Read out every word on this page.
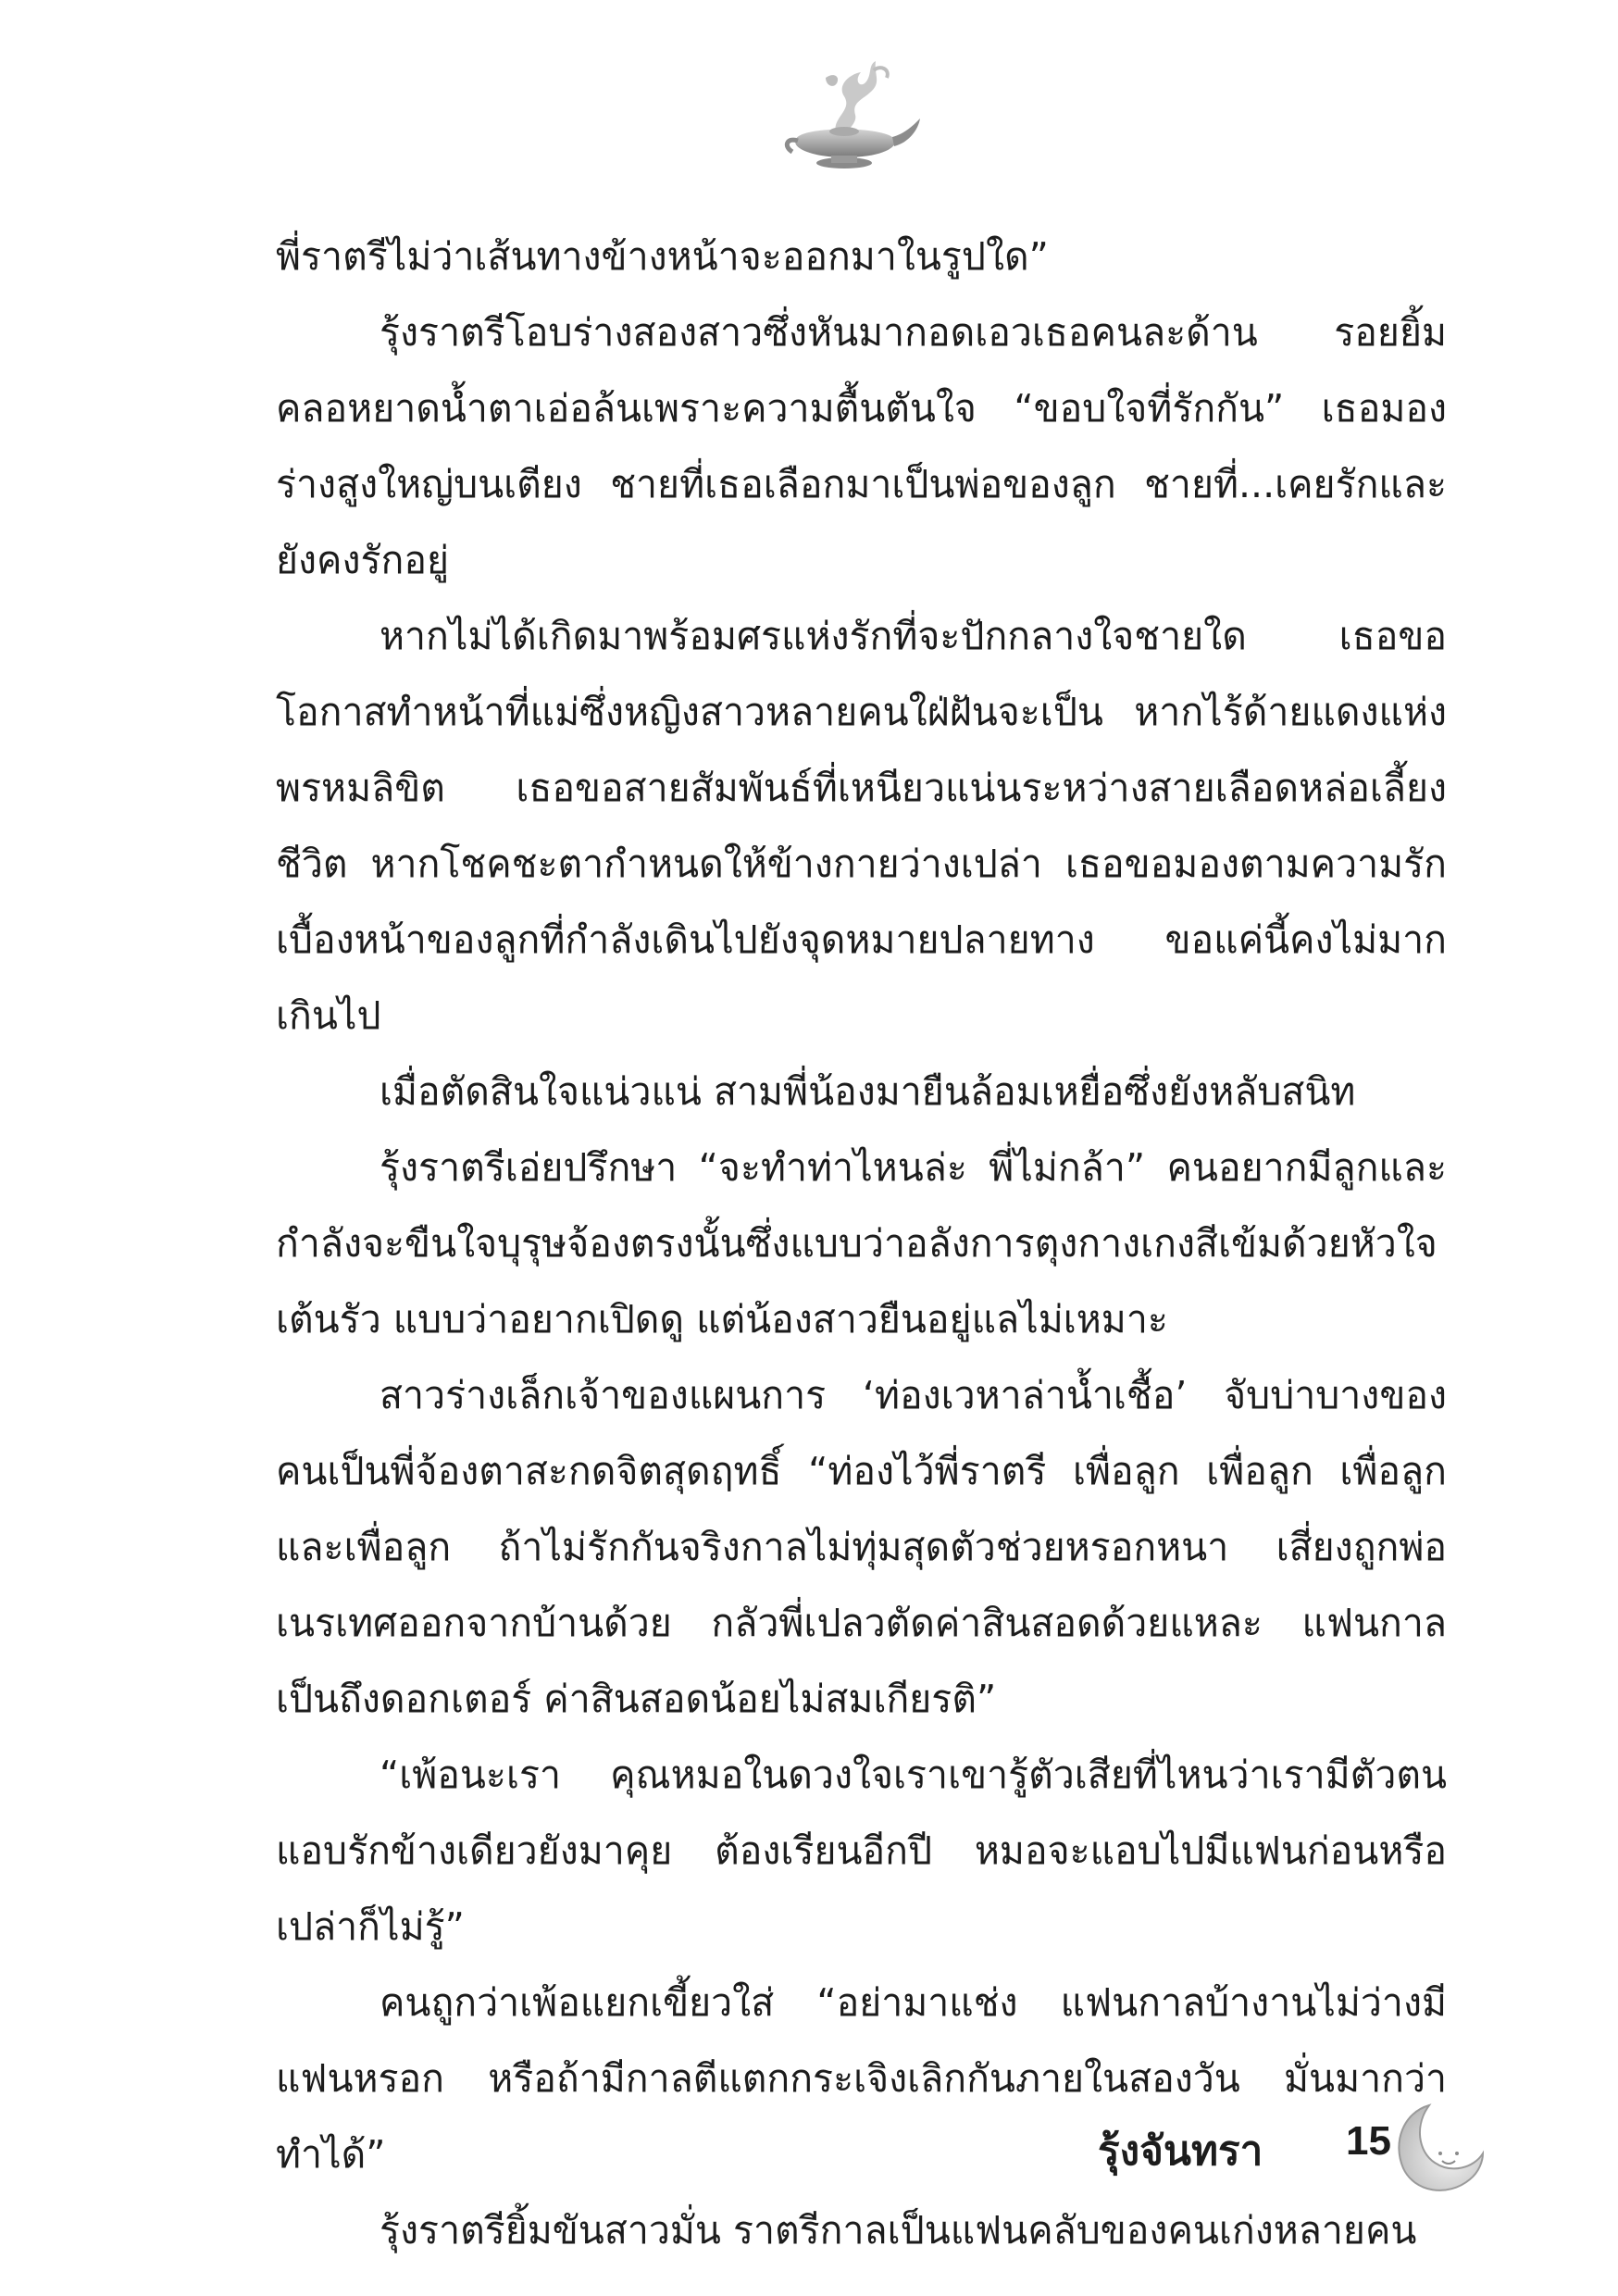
พี่ราตรีไม่ว่าเส้นทางข้างหน้าจะออกมาในรูปใด”

รุ้งราตรีโอบร่างสองสาวซึ่งหันมากอดเอวเธอคนละด้าน รอยยิ้มคลอหยาดน้ำตาเอ่อล้นเพราะความตื้นตันใจ “ขอบใจที่รักกัน” เธอมองร่างสูงใหญ่บนเตียง ชายที่เธอเลือกมาเป็นพ่อของลูก ชายที่...เคยรักและยังคงรักอยู่

หากไม่ได้เกิดมาพร้อมศรแห่งรักที่จะปักกลางใจชายใด เธอขอโอกาสทำหน้าที่แม่ซึ่งหญิงสาวหลายคนใฝ่ฝันจะเป็น หากไร้ด้ายแดงแห่งพรหมลิขิต เธอขอสายสัมพันธ์ที่เหนียวแน่นระหว่างสายเลือดหล่อเลี้ยงชีวิต หากโชคชะตากำหนดให้ข้างกายว่างเปล่า เธอขอมองตามความรักเบื้องหน้าของลูกที่กำลังเดินไปยังจุดหมายปลายทาง ขอแค่นี้คงไม่มากเกินไป

เมื่อตัดสินใจแน่วแน่ สามพี่น้องมายืนล้อมเหยื่อซึ่งยังหลับสนิท

รุ้งราตรีเอ่ยปรึกษา “จะทำท่าไหนล่ะ พี่ไม่กล้า” คนอยากมีลูกและกำลังจะขืนใจบุรุษจ้องตรงนั้นซึ่งแบบว่าอลังการตุงกางเกงสีเข้มด้วยหัวใจเต้นรัว แบบว่าอยากเปิดดู แต่น้องสาวยืนอยู่แลไม่เหมาะ

สาวร่างเล็กเจ้าของแผนการ ‘ท่องเวหาล่าน้ำเชื้อ’ จับบ่าบางของคนเป็นพี่จ้องตาสะกดจิตสุดฤทธิ์ “ท่องไว้พี่ราตรี เพื่อลูก เพื่อลูก เพื่อลูก และเพื่อลูก ถ้าไม่รักกันจริงกาลไม่ทุ่มสุดตัวช่วยหรอกหนา เสี่ยงถูกพ่อเนรเทศออกจากบ้านด้วย กลัวพี่เปลวตัดค่าสินสอดด้วยแหละ แฟนกาลเป็นถึงดอกเตอร์ ค่าสินสอดน้อยไม่สมเกียรติ”

“เพ้อนะเรา คุณหมอในดวงใจเราเขารู้ตัวเสียที่ไหนว่าเรามีตัวตนแอบรักข้างเดียวยังมาคุย ต้องเรียนอีกปี หมอจะแอบไปมีแฟนก่อนหรือเปล่าก็ไม่รู้”

คนถูกว่าเพ้อแยกเขี้ยวใส่ “อย่ามาแช่ง แฟนกาลบ้างานไม่ว่างมีแฟนหรอก หรือถ้ามีกาลตีแตกกระเจิงเลิกกันภายในสองวัน มั่นมากว่าทำได้”

รุ้งราตรียิ้มขันสาวมั่น ราตรีกาลเป็นแฟนคลับของคนเก่งหลายคน

รุ้งจันทรา 15
